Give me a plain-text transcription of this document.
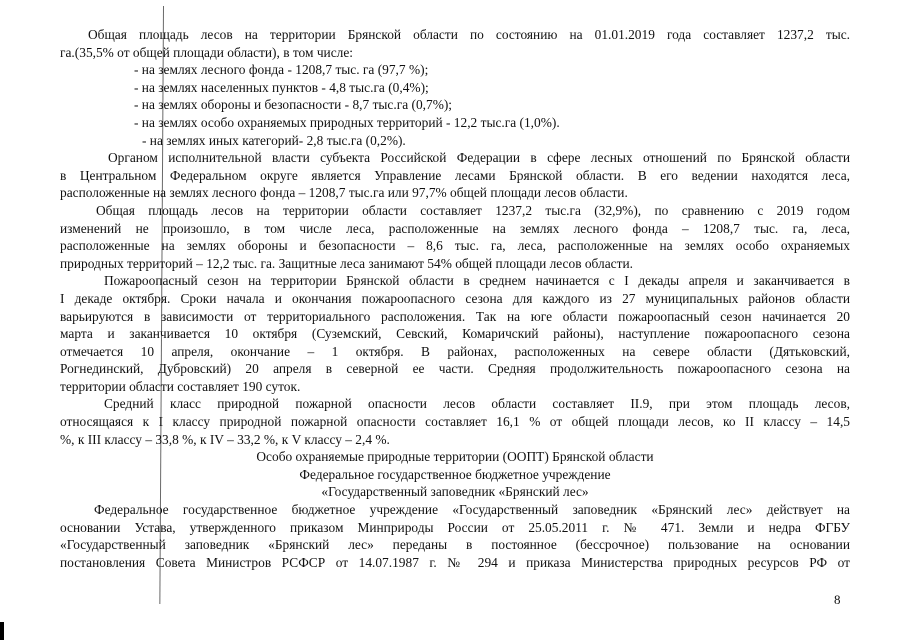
Общая площадь лесов на территории Брянской области по состоянию на 01.01.2019 года составляет 1237,2 тыс.
га.(35,5% от общей площади области), в том числе:
- на землях лесного фонда - 1208,7 тыс. га (97,7 %);
- на землях населенных пунктов - 4,8 тыс.га (0,4%);
- на землях обороны и безопасности - 8,7 тыс.га (0,7%);
- на землях особо охраняемых природных территорий - 12,2 тыс.га (1,0%).
- на землях иных категорий- 2,8 тыс.га (0,2%).
Органом исполнительной власти субъекта Российской Федерации в сфере лесных отношений по Брянской области
в Центральном Федеральном округе является Управление лесами Брянской области. В его ведении находятся леса,
расположенные на землях лесного фонда – 1208,7 тыс.га или 97,7% общей площади лесов области.
Общая площадь лесов на территории области составляет 1237,2 тыс.га (32,9%), по сравнению с 2019 годом
изменений не произошло, в том числе леса, расположенные на землях лесного фонда – 1208,7 тыс. га, леса,
расположенные на землях обороны и безопасности – 8,6 тыс. га, леса, расположенные на землях особо охраняемых
природных территорий – 12,2 тыс. га. Защитные леса занимают 54% общей площади лесов области.
Пожароопасный сезон на территории Брянской области в среднем начинается с I декады апреля и заканчивается в
I декаде октября. Сроки начала и окончания пожароопасного сезона для каждого из 27 муниципальных районов области
варьируются в зависимости от территориального расположения. Так на юге области пожароопасный сезон начинается 20
марта и заканчивается 10 октября (Суземский, Севский, Комаричский районы), наступление пожароопасного сезона
отмечается 10 апреля, окончание – 1 октября. В районах, расположенных на севере области (Дятьковский,
Рогнединский, Дубровский) 20 апреля в северной ее части. Средняя продолжительность пожароопасного сезона на
территории области составляет 190 суток.
Средний класс природной пожарной опасности лесов области составляет II.9, при этом площадь лесов,
относящаяся к I классу природной пожарной опасности составляет 16,1 % от общей площади лесов, ко II классу – 14,5
%, к III классу – 33,8 %, к IV – 33,2 %, к V классу – 2,4 %.
Особо охраняемые природные территории (ООПТ) Брянской области
Федеральное государственное бюджетное учреждение
«Государственный заповедник «Брянский лес»
Федеральное государственное бюджетное учреждение «Государственный заповедник «Брянский лес» действует на
основании Устава, утвержденного приказом Минприроды России от 25.05.2011 г. № 471. Земли и недра ФГБУ
«Государственный заповедник «Брянский лес» переданы в постоянное (бессрочное) пользование на основании
постановления Совета Министров РСФСР от 14.07.1987 г. № 294 и приказа Министерства природных ресурсов РФ от
8
